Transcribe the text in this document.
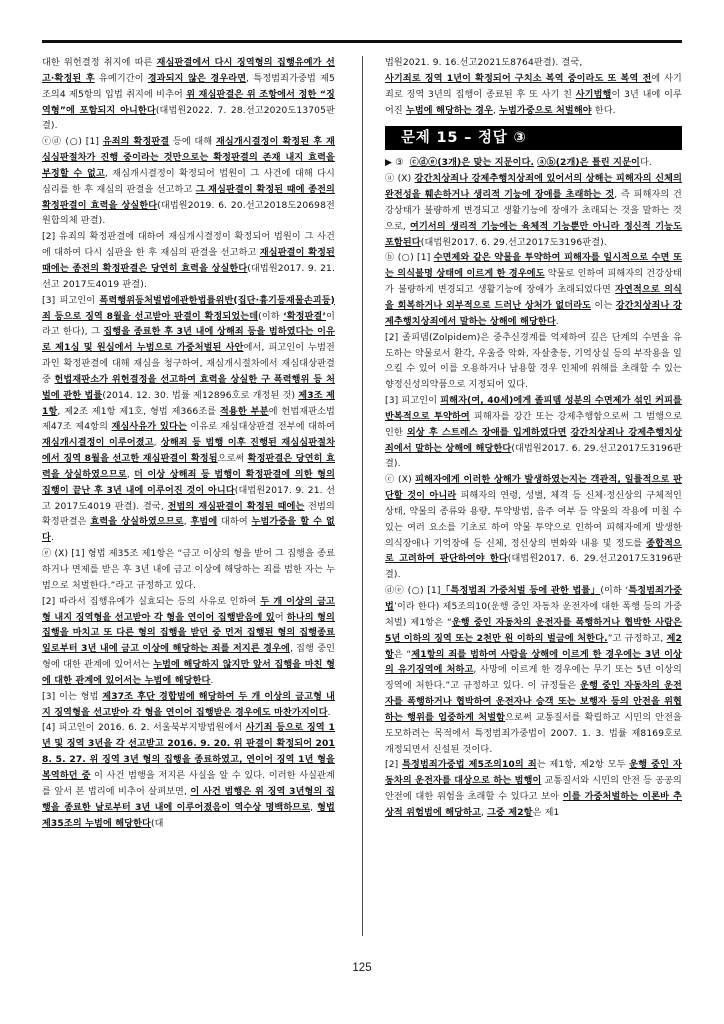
대한 위헌결정 취지에 따른 재심판결에서 다시 징역형의 집행유예가 선고·확정된 후 유예기간이 경과되지 않은 경우라면, 특정범죄가중법 제5조의4 제5항의 입법 취지에 비추어 위 재심판결은 위 조항에서 정한 “징역형”에 포함되지 아니한다(대법원2022. 7. 28.선고2020도13705판결).

ⓒⓓ (○) [1] 유죄의 확정판결 등에 대해 재심개시결정이 확정된 후 재심심판절차가 진행 중이라는 것만으로는 확정판결의 존재 내지 효력을 부정할 수 없고, 재심개시결정이 확정되어 법원이 그 사건에 대해 다시 심리를 한 후 재심의 판결을 선고하고 그 재심판결이 확정된 때에 종전의 확정판결이 효력을 상실한다(대법원2019. 6. 20.선고2018도20698전원합의체 판결).

[2] 유죄의 확정판결에 대하여 재심개시결정이 확정되어 법원이 그 사건에 대하여 다시 심판을 한 후 재심의 판결을 선고하고 재심판결이 확정된 때에는 종전의 확정판결은 당연히 효력을 상실한다(대법원2017. 9. 21. 선고 2017도4019 판결).

[3] 피고인이 폭력행위등처벌법에관한법률위반(집단·흉기등재물손괴등)죄 등으로 징역 8월을 선고받아 판결이 확정되었는데(이하 ‘확정판결’이라고 한다), 그 집행을 종료한 후 3년 내에 상해죄 등을 범하였다는 이유로 제1심 및 원심에서 누범으로 가중처벌된 사안에서, 피고인이 누범전과인 확정판결에 대해 재심을 청구하여, 재심개시절차에서 재심대상판결 중 헌법재판소가 위헌결정을 선고하여 효력을 상실한 구 폭력행위 등 처벌에 관한 법률(2014. 12. 30. 법률 제12896호로 개정된 것) 제3조 제1항, 제2조 제1항 제1호, 형법 제366조를 적용한 부분에 헌법재판소법 제47조 제4항의 재심사유가 있다는 이유로 재심대상판결 전부에 대하여 재심개시결정이 이루어졌고, 상해죄 등 범행 이후 진행된 재심심판절차에서 징역 8월을 선고한 재심판결이 확정됨으로써 확정판결은 당연히 효력을 상실하였으므로, 더 이상 상해죄 등 범행이 확정판결에 의한 형의 집행이 끝난 후 3년 내에 이루어진 것이 아니다(대법원2017. 9. 21. 선고 2017도4019 판결). 결국, 전범의 재심판결이 확정된 때에는 전범의 확정판결은 효력을 상실하였으므로, 후범에 대하여 누범가중을 할 수 없다.

ⓔ (X) [1] 형법 제35조 제1항은 “금고 이상의 형을 받어 그 집행을 종료하거나 면제를 받은 후 3년 내에 금고 이상에 해당하는 죄를 범한 자는 누범으로 처벌한다.”라고 규정하고 있다.

[2] 따라서 집행유예가 실효되는 등의 사유로 인하여 두 개 이상의 금고형 내지 징역형을 선고받아 각 형을 연이어 집행받음에 있어 하나의 형의 집행을 마치고 또 다른 형의 집행을 받던 중 먼저 집행된 형의 집행종료일로부터 3년 내에 금고 이상에 해당하는 죄를 저지른 경우에, 집행 중인 형에 대한 관계에 있어서는 누범에 해당하지 않지만 앞서 집행을 마친 형에 대한 관계에 있어서는 누범에 해당한다.

[3] 이는 형법 제37조 후단 경합범에 해당하여 두 개 이상의 금고형 내지 징역형을 선고받아 각 형을 연이어 집행받은 경우에도 마찬가지이다.

[4] 피고인이 2016. 6. 2. 서울북부지방법원에서 사기죄 등으로 징역 1년 및 징역 3년을 각 선고받고 2016. 9. 20. 위 판결이 확정되어 2018. 5. 27. 위 징역 3년 형의 집행을 종료하였고, 연이어 징역 1년 형을 복역하던 중 이 사건 범행을 저지른 사실을 알 수 있다. 이러한 사실관계를 앞서 본 법리에 비추어 살펴보면, 이 사건 범행은 위 징역 3년형의 집행을 종료한 날로부터 3년 내에 이루어졌음이 역수상 명백하므로, 형법 제35조의 누범에 해당한다(대

법원2021. 9. 16.선고2021도8764판결). 결국,

사기죄로 징역 1년이 확정되어 구치소 복역 중이라도 또 복역 전에 사기죄로 징역 3년의 집행이 종료된 후 또 사기 친 사기범행이 3년 내에 이루어진 누범에 해당하는 경우, 누범가중으로 처벌해야 한다.

문제 15 – 정답 ③

▶ ③ ⓒⓓⓔ(3개)은 맞는 지문이다. ⓐⓑ(2개)은 틀린 지문이다.

ⓐ (X) 강간치상죄나 강제추행치상죄에 있어서의 상해는 피해자의 신체의 완전성을 훼손하거나 생리적 기능에 장애를 초래하는 것, 즉 피해자의 건강상태가 불량하게 변경되고 생활기능에 장애가 초래되는 것을 말하는 것으로, 여기서의 생리적 기능에는 육체적 기능뿐만 아니라 정신적 기능도 포함된다(대법원2017. 6. 29.선고2017도3196판결).

ⓑ (○) [1] 수면제와 같은 약물을 투약하여 피해자를 일시적으로 수면 또는 의식불명 상태에 이르게 한 경우에도 약물로 인하여 피해자의 건강상태가 불량하게 변경되고 생활기능에 장애가 초래되었다면 자연적으로 의식을 회복하거나 외부적으로 드러난 상처가 없더라도 이는 강간치상죄나 강제추행치상죄에서 말하는 상해에 해당한다.

[2] 졸피뎀(Zolpidem)은 중추신경계를 억제하여 깊은 단계의 수면을 유도하는 약물로서 환각, 우울증 악화, 자살충동, 기억상실 등의 부작용을 일으킬 수 있어 이를 오용하거나 남용할 경우 인체에 위해를 초래할 수 있는 향정신성의약품으로 지정되어 있다.

[3] 피고인이 피해자(여, 40세)에게 졸피뎀 성분의 수면제가 섞인 커피를 반복적으로 투약하여 피해자를 강간 또는 강제추행함으로써 그 범행으로 인한 외상 후 스트레스 장애를 입게하였다면 강간치상죄나 강제추행치상죄에서 말하는 상해에 해당한다(대법원2017. 6. 29.선고2017도3196판결).

ⓒ (X) 피해자에게 이러한 상해가 발생하였는지는 객관적, 일률적으로 판단할 것이 아니라 피해자의 연령, 성별, 체격 등 신체·정신상의 구체적인 상태, 약물의 종류와 용량, 투약방법, 음주 여부 등 약물의 작용에 미칠 수 있는 여러 요소를 기초로 하여 약물 투약으로 인하여 피해자에게 발생한 의식장애나 기억장애 등 신체, 정신상의 변화와 내용 및 정도를 종합적으로 고려하여 판단하여야 한다(대법원2017. 6. 29.선고2017도3196판결).

ⓓⓔ (○) [1]「특정범죄 가중처벌 등에 관한 법률」(이하 ‘특정범죄가중법’이라 한다) 제5조의10(운행 중인 자동차 운전자에 대한 폭행 등의 가중처벌) 제1항은 “운행 중인 자동차의 운전자를 폭행하거나 협박한 사람은 5년 이하의 징역 또는 2천만 원 이하의 벌금에 처한다.”고 규정하고, 제2항은 “제1항의 죄를 범하여 사람을 상해에 이르게 한 경우에는 3년 이상의 유기징역에 처하고, 사망에 이르게 한 경우에는 무기 또는 5년 이상의 징역에 처한다.”고 규정하고 있다. 이 규정들은 운행 중인 자동차의 운전자를 폭행하거나 협박하여 운전자나 승객 또는 보행자 등의 안전을 위협하는 행위를 엄중하게 처벌함으로써 교통질서를 확립하고 시민의 안전을 도모하려는 목적에서 특정범죄가중법이 2007. 1. 3. 법률 제8169호로 개정되면서 신설된 것이다.

[2] 특정범죄가중법 제5조의10의 죄는 제1항, 제2항 모두 운행 중인 자동차의 운전자를 대상으로 하는 범행이 교통질서와 시민의 안전 등 공공의 안전에 대한 위험을 초래할 수 있다고 보아 이를 가중처벌하는 이론바 추상적 위험범에 해당하고, 그중 제2항은 제1

125
